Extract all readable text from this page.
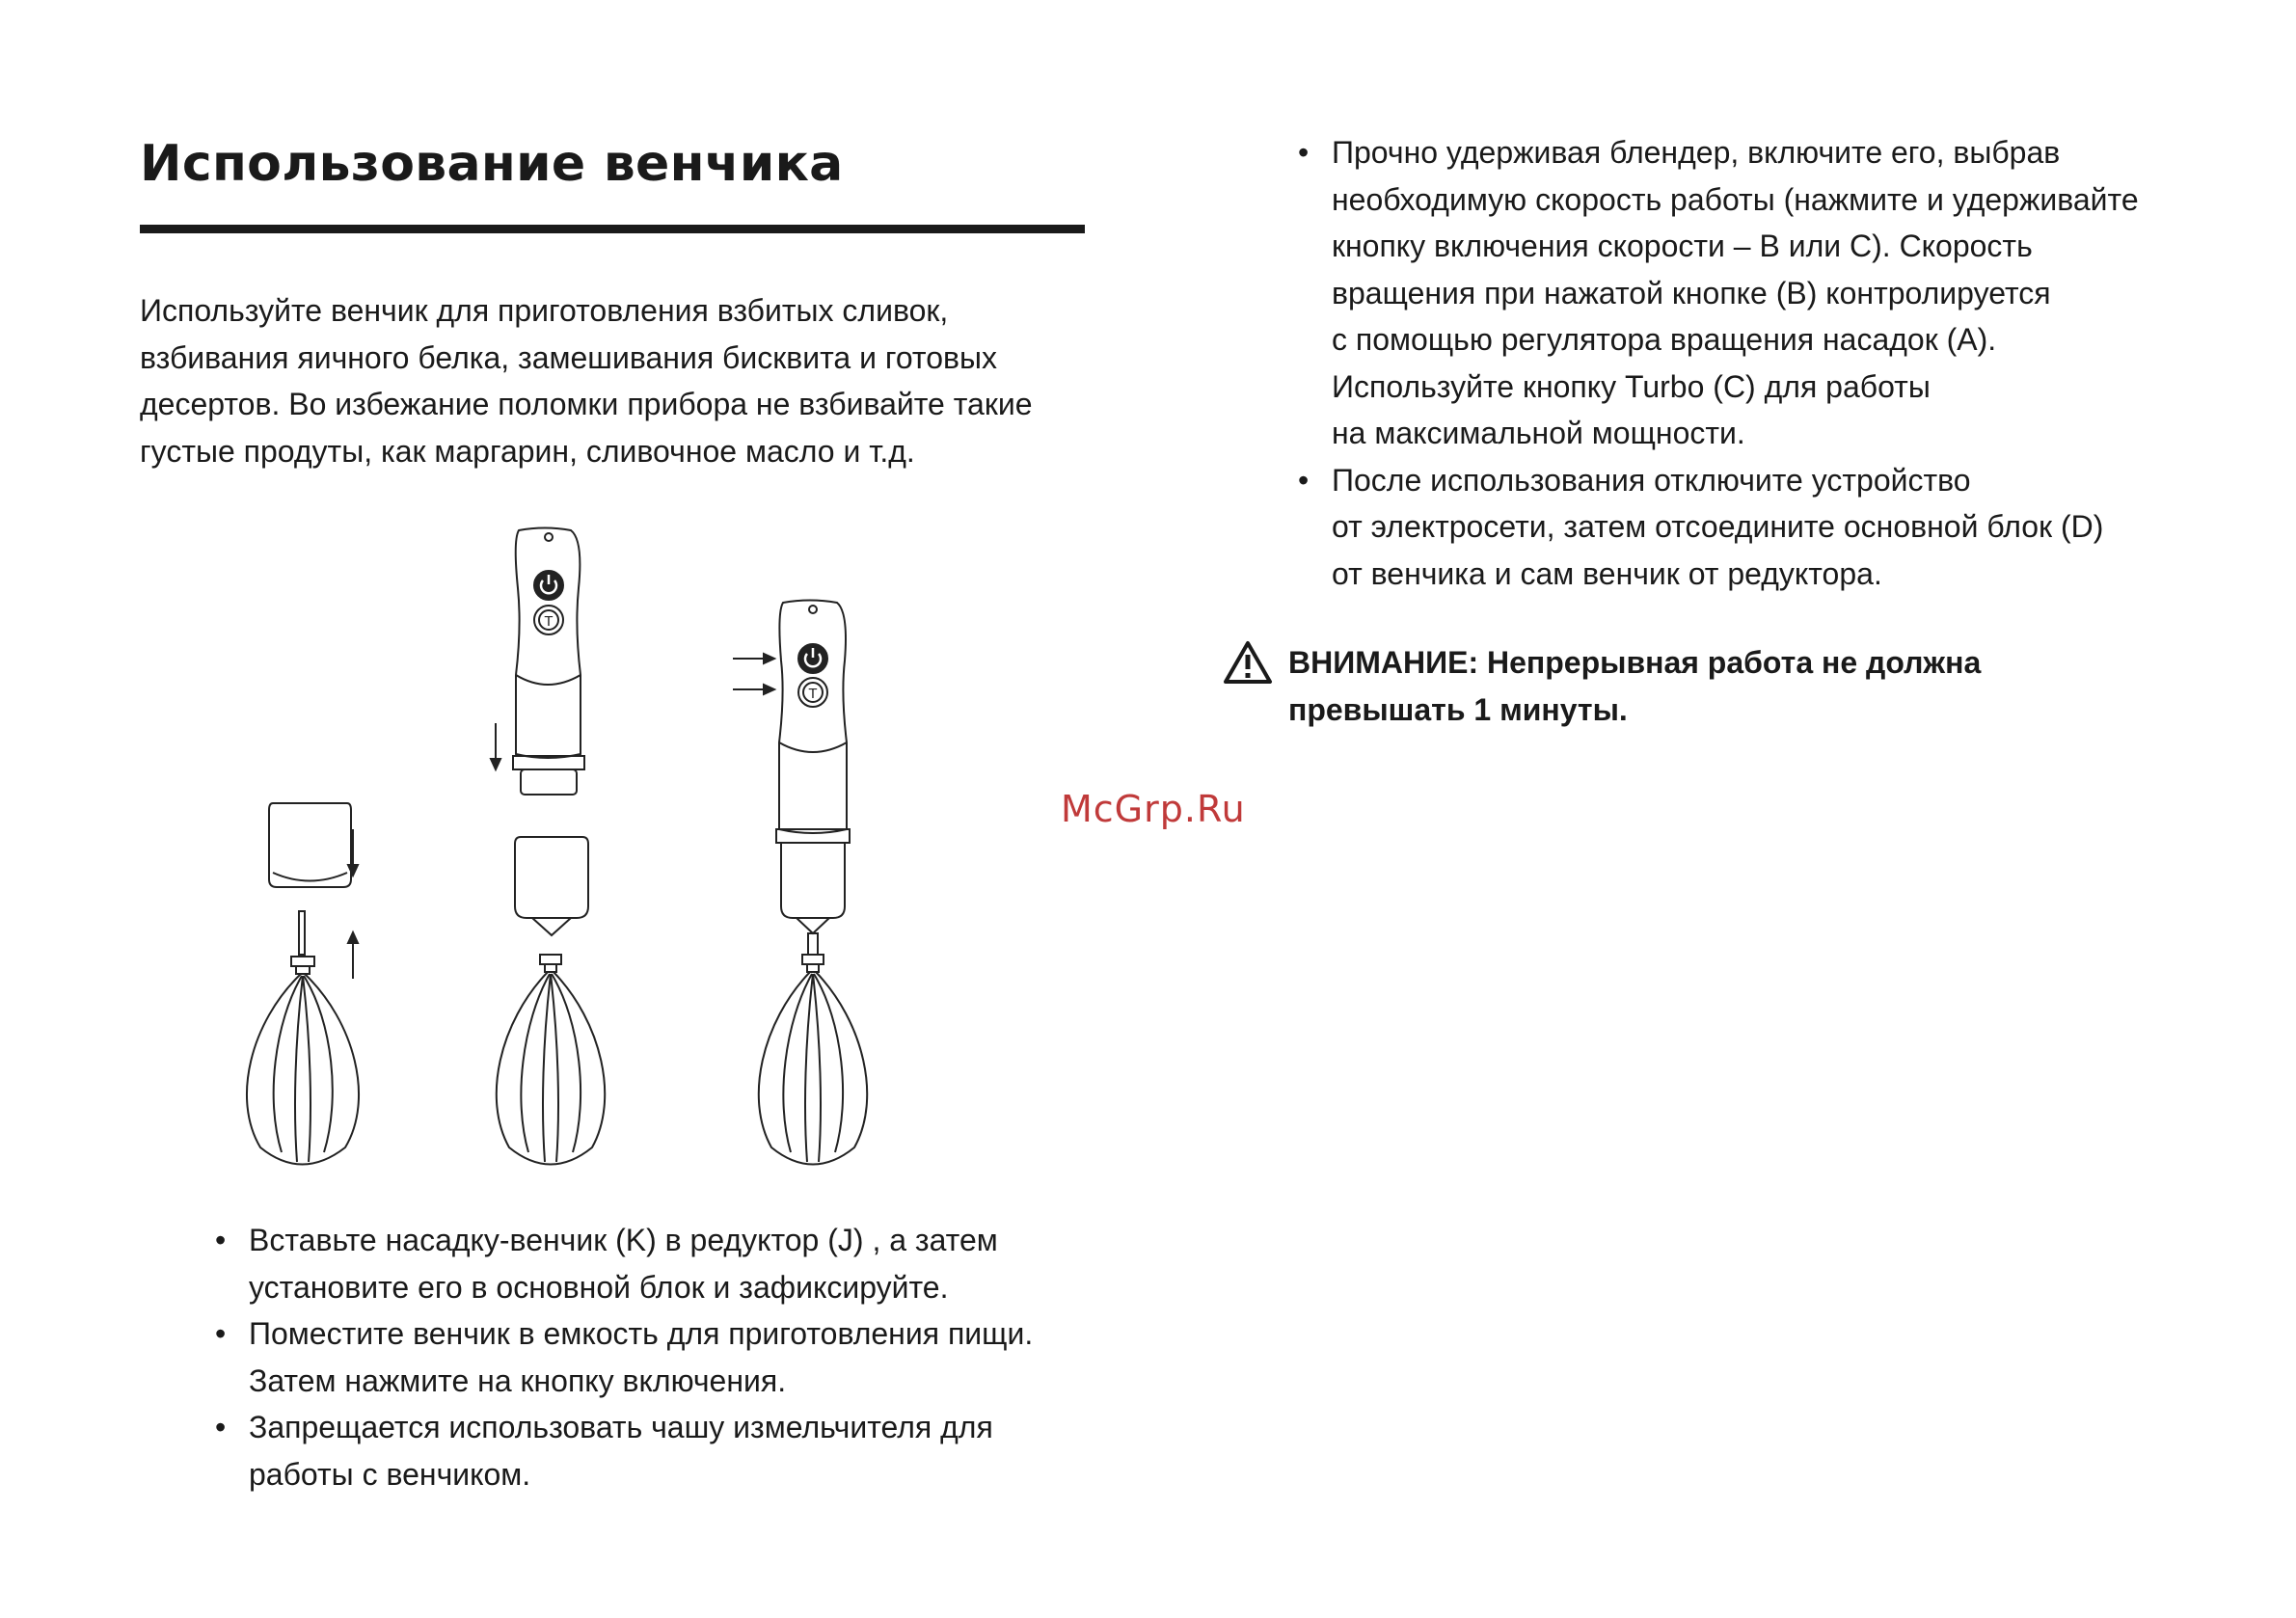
Использование венчика

Используйте венчик для приготовления взбитых сливок,
взбивания яичного белка, замешивания бисквита и готовых
десертов. Во избежание поломки прибора не взбивайте такие
густые продуты, как маргарин, сливочное масло и т.д.

T
T
• Вставьте насадку-венчик (K) в редуктор (J) , а затем
установите его в основной блок и зафиксируйте.
• Поместите венчик в емкость для приготовления пищи.
Затем нажмите на кнопку включения.
• Запрещается использовать чашу измельчителя для
работы с венчиком.
• Прочно удерживая блендер, включите его, выбрав
необходимую скорость работы (нажмите и удерживайте
кнопку включения скорости – B или C). Скорость
вращения при нажатой кнопке (B) контролируется
с помощью регулятора вращения насадок (A).
Используйте кнопку Turbo (C) для работы
на максимальной мощности.
• После использования отключите устройство
от электросети, затем отсоедините основной блок (D)
от венчика и сам венчик от редуктора.
ВНИМАНИЕ: Непрерывная работа не должна
превышать 1 минуты.
McGrp.Ru
